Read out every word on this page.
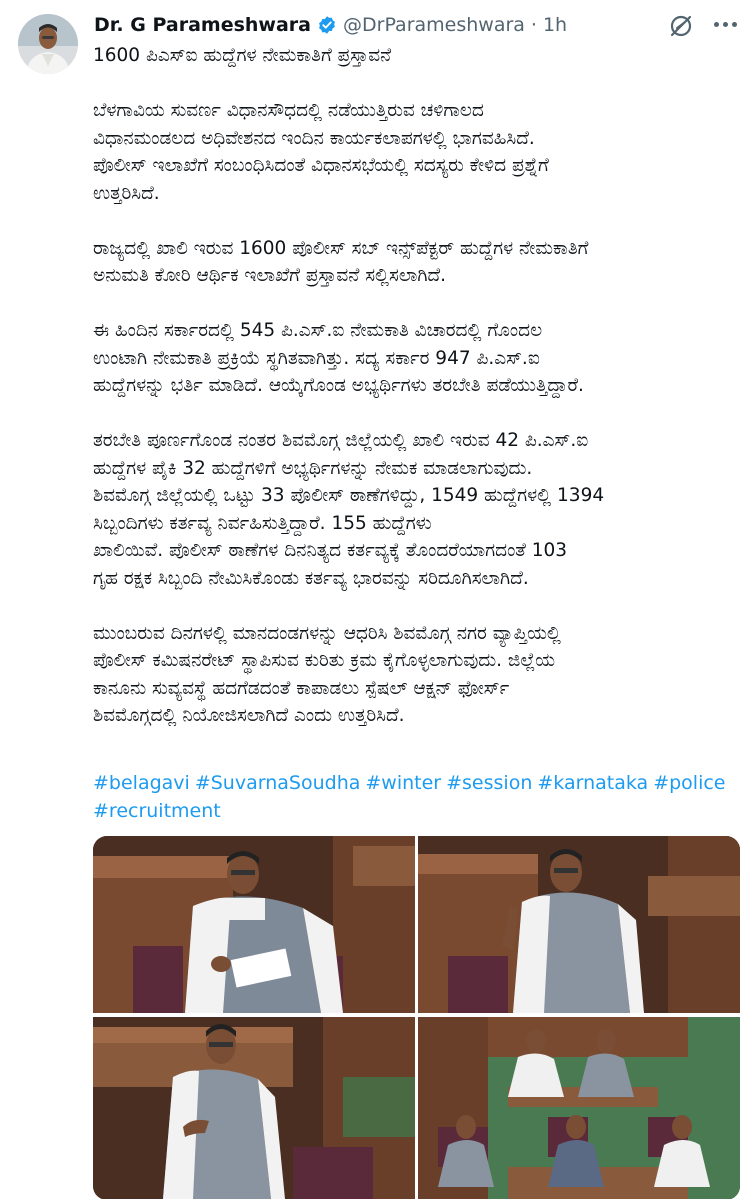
Dr. G Parameshwara @DrParameshwara · 1h

1600 ಪಿಎಸ್ಐ ಹುದ್ದೆಗಳ ನೇಮಕಾತಿಗೆ ಪ್ರಸ್ತಾವನೆ

ಬೆಳಗಾವಿಯ ಸುವರ್ಣ ವಿಧಾನಸೌಧದಲ್ಲಿ ನಡೆಯುತ್ತಿರುವ ಚಳಿಗಾಲದ
ವಿಧಾನಮಂಡಲದ ಅಧಿವೇಶನದ ಇಂದಿನ ಕಾರ್ಯಕಲಾಪಗಳಲ್ಲಿ ಭಾಗವಹಿಸಿದೆ.
ಪೊಲೀಸ್ ಇಲಾಖೆಗೆ ಸಂಬಂಧಿಸಿದಂತೆ ವಿಧಾನಸಭೆಯಲ್ಲಿ ಸದಸ್ಯರು ಕೇಳಿದ ಪ್ರಶ್ನೆಗೆ
ಉತ್ತರಿಸಿದೆ.

ರಾಜ್ಯದಲ್ಲಿ ಖಾಲಿ ಇರುವ 1600 ಪೊಲೀಸ್ ಸಬ್ ಇನ್ಸ್‌ಪೆಕ್ಟರ್ ಹುದ್ದೆಗಳ ನೇಮಕಾತಿಗೆ
ಅನುಮತಿ ಕೋರಿ ಆರ್ಥಿಕ ಇಲಾಖೆಗೆ ಪ್ರಸ್ತಾವನೆ ಸಲ್ಲಿಸಲಾಗಿದೆ.

ಈ ಹಿಂದಿನ ಸರ್ಕಾರದಲ್ಲಿ 545 ಪಿ.ಎಸ್.ಐ ನೇಮಕಾತಿ ವಿಚಾರದಲ್ಲಿ ಗೊಂದಲ
ಉಂಟಾಗಿ ನೇಮಕಾತಿ ಪ್ರಕ್ರಿಯೆ ಸ್ಥಗಿತವಾಗಿತ್ತು. ಸದ್ಯ ಸರ್ಕಾರ 947 ಪಿ.ಎಸ್.ಐ
ಹುದ್ದೆಗಳನ್ನು ಭರ್ತಿ ಮಾಡಿದೆ. ಆಯ್ಕೆಗೊಂಡ ಅಭ್ಯರ್ಥಿಗಳು ತರಬೇತಿ ಪಡೆಯುತ್ತಿದ್ದಾರೆ.

ತರಬೇತಿ ಪೂರ್ಣಗೊಂಡ ನಂತರ ಶಿವಮೊಗ್ಗ ಜಿಲ್ಲೆಯಲ್ಲಿ ಖಾಲಿ ಇರುವ 42 ಪಿ.ಎಸ್.ಐ
ಹುದ್ದೆಗಳ ಪೈಕಿ 32 ಹುದ್ದೆಗಳಿಗೆ ಅಭ್ಯರ್ಥಿಗಳನ್ನು ನೇಮಕ ಮಾಡಲಾಗುವುದು.
ಶಿವಮೊಗ್ಗ ಜಿಲ್ಲೆಯಲ್ಲಿ ಒಟ್ಟು 33 ಪೊಲೀಸ್ ಠಾಣೆಗಳಿದ್ದು, 1549 ಹುದ್ದೆಗಳಲ್ಲಿ 1394
ಸಿಬ್ಬಂದಿಗಳು ಕರ್ತವ್ಯ ನಿರ್ವಹಿಸುತ್ತಿದ್ದಾರೆ. 155 ಹುದ್ದೆಗಳು
ಖಾಲಿಯಿವೆ. ಪೊಲೀಸ್ ಠಾಣೆಗಳ ದಿನನಿತ್ಯದ ಕರ್ತವ್ಯಕ್ಕೆ ತೊಂದರೆಯಾಗದಂತೆ 103
ಗೃಹ ರಕ್ಷಕ ಸಿಬ್ಬಂದಿ ನೇಮಿಸಿಕೊಂಡು ಕರ್ತವ್ಯ ಭಾರವನ್ನು ಸರಿದೂಗಿಸಲಾಗಿದೆ.

ಮುಂಬರುವ ದಿನಗಳಲ್ಲಿ ಮಾನದಂಡಗಳನ್ನು ಆಧರಿಸಿ ಶಿವಮೊಗ್ಗ ನಗರ ವ್ಯಾಪ್ತಿಯಲ್ಲಿ
ಪೊಲೀಸ್ ಕಮಿಷನರೇಟ್ ಸ್ಥಾಪಿಸುವ ಕುರಿತು ಕ್ರಮ ಕೈಗೊಳ್ಳಲಾಗುವುದು. ಜಿಲ್ಲೆಯ
ಕಾನೂನು ಸುವ್ಯವಸ್ಥೆ ಹದಗೆಡದಂತೆ ಕಾಪಾಡಲು ಸ್ಪೆಷಲ್ ಆಕ್ಷನ್ ಫೋರ್ಸ್
ಶಿವಮೊಗ್ಗದಲ್ಲಿ ನಿಯೋಜಿಸಲಾಗಿದೆ ಎಂದು ಉತ್ತರಿಸಿದೆ.

#belagavi #SuvarnaSoudha #winter #session #karnataka #police
#recruitment
